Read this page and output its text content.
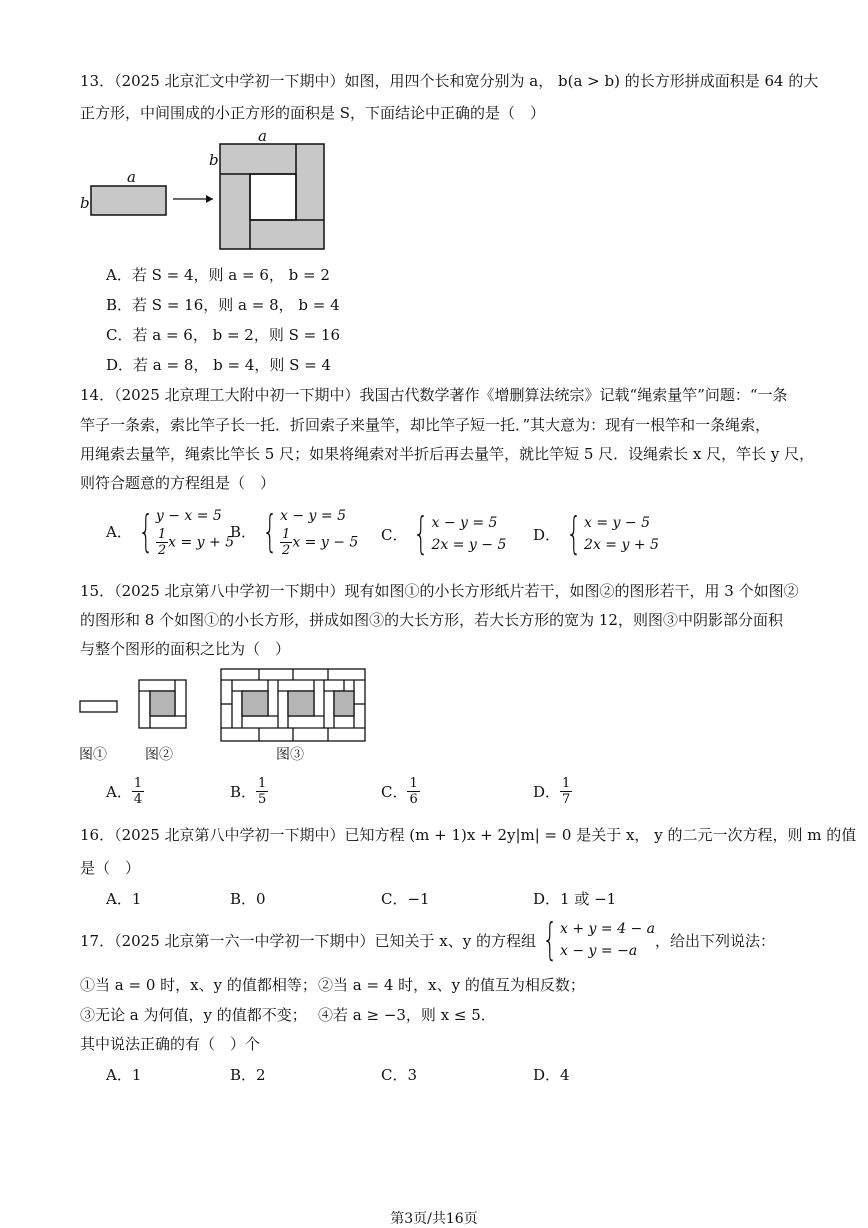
13．（2025 北京汇文中学初一下期中）如图，用四个长和宽分别为 a， b(a > b) 的长方形拼成面积是 64 的大
正方形，中间围成的小正方形的面积是 S，下面结论中正确的是（　）
a
b
a
b
A．若 S = 4，则 a = 6， b = 2
B．若 S = 16，则 a = 8， b = 4
C．若 a = 6， b = 2，则 S = 16
D．若 a = 8， b = 4，则 S = 4
14．（2025 北京理工大附中初一下期中）我国古代数学著作《增删算法统宗》记载“绳索量竿”问题：“一条
竿子一条索，索比竿子长一托．折回索子来量竿，却比竿子短一托．”其大意为：现有一根竿和一条绳索，
用绳索去量竿，绳索比竿长 5 尺；如果将绳索对半折后再去量竿，就比竿短 5 尺．设绳索长 x 尺，竿长 y 尺，
则符合题意的方程组是（　）
A． { y − x = 5
$\frac{1}{2}$ x = y + 5
B． { x − y = 5
$\frac{1}{2}$ x = y − 5 C． { x − y = 5
2x = y − 5
D． { x = y − 5
2x = y + 5
15．（2025 北京第八中学初一下期中）现有如图①的小长方形纸片若干，如图②的图形若干，用 3 个如图②
的图形和 8 个如图①的小长方形，拼成如图③的大长方形，若大长方形的宽为 12，则图③中阴影部分面积
与整个图形的面积之比为（　）
图①	图②	图③
A． $\frac{1}{4}$	B． $\frac{1}{5}$	C． $\frac{1}{6}$	D． $\frac{1}{7}$
16．（2025 北京第八中学初一下期中）已知方程 (m + 1)x + 2y|m| = 0 是关于 x， y 的二元一次方程，则 m 的值
是（　）
A．1	B．0	C．−1	D．1 或 −1
17．（2025 北京第一六一中学初一下期中）已知关于 x、y 的方程组 { x + y = 4 − a
x − y = −a
，给出下列说法：
①当 a = 0 时，x、y 的值都相等； ②当 a = 4 时，x、y 的值互为相反数；
③无论 a 为何值，y 的值都不变； ④若 a ≥ −3，则 x ≤ 5．
其中说法正确的有（　）个
A．1	B．2	C．3	D．4
第3页/共16页
